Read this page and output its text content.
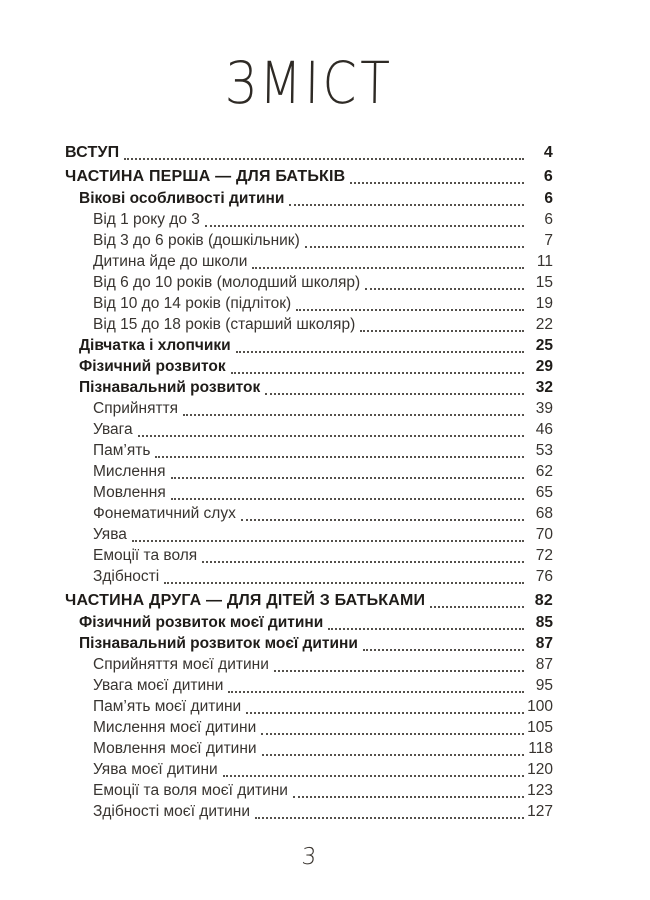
ЗМІСТ
ВСТУП	4
ЧАСТИНА ПЕРША — ДЛЯ БАТЬКІВ	6
Вікові особливості дитини	6
Від 1 року до 3	6
Від 3 до 6 років (дошкільник)	7
Дитина йде до школи	11
Від 6 до 10 років (молодший школяр)	15
Від 10 до 14 років (підліток)	19
Від 15 до 18 років (старший школяр)	22
Дівчатка і хлопчики	25
Фізичний розвиток	29
Пізнавальний розвиток	32
Сприйняття	39
Увага	46
Пам’ять	53
Мислення	62
Мовлення	65
Фонематичний слух	68
Уява	70
Емоції та воля	72
Здібності	76
ЧАСТИНА ДРУГА — ДЛЯ ДІТЕЙ З БАТЬКАМИ	82
Фізичний розвиток моєї дитини	85
Пізнавальний розвиток моєї дитини	87
Сприйняття моєї дитини	87
Увага моєї дитини	95
Пам’ять моєї дитини	100
Мислення моєї дитини	105
Мовлення моєї дитини	118
Уява моєї дитини	120
Емоції та воля моєї дитини	123
Здібності моєї дитини	127
3
